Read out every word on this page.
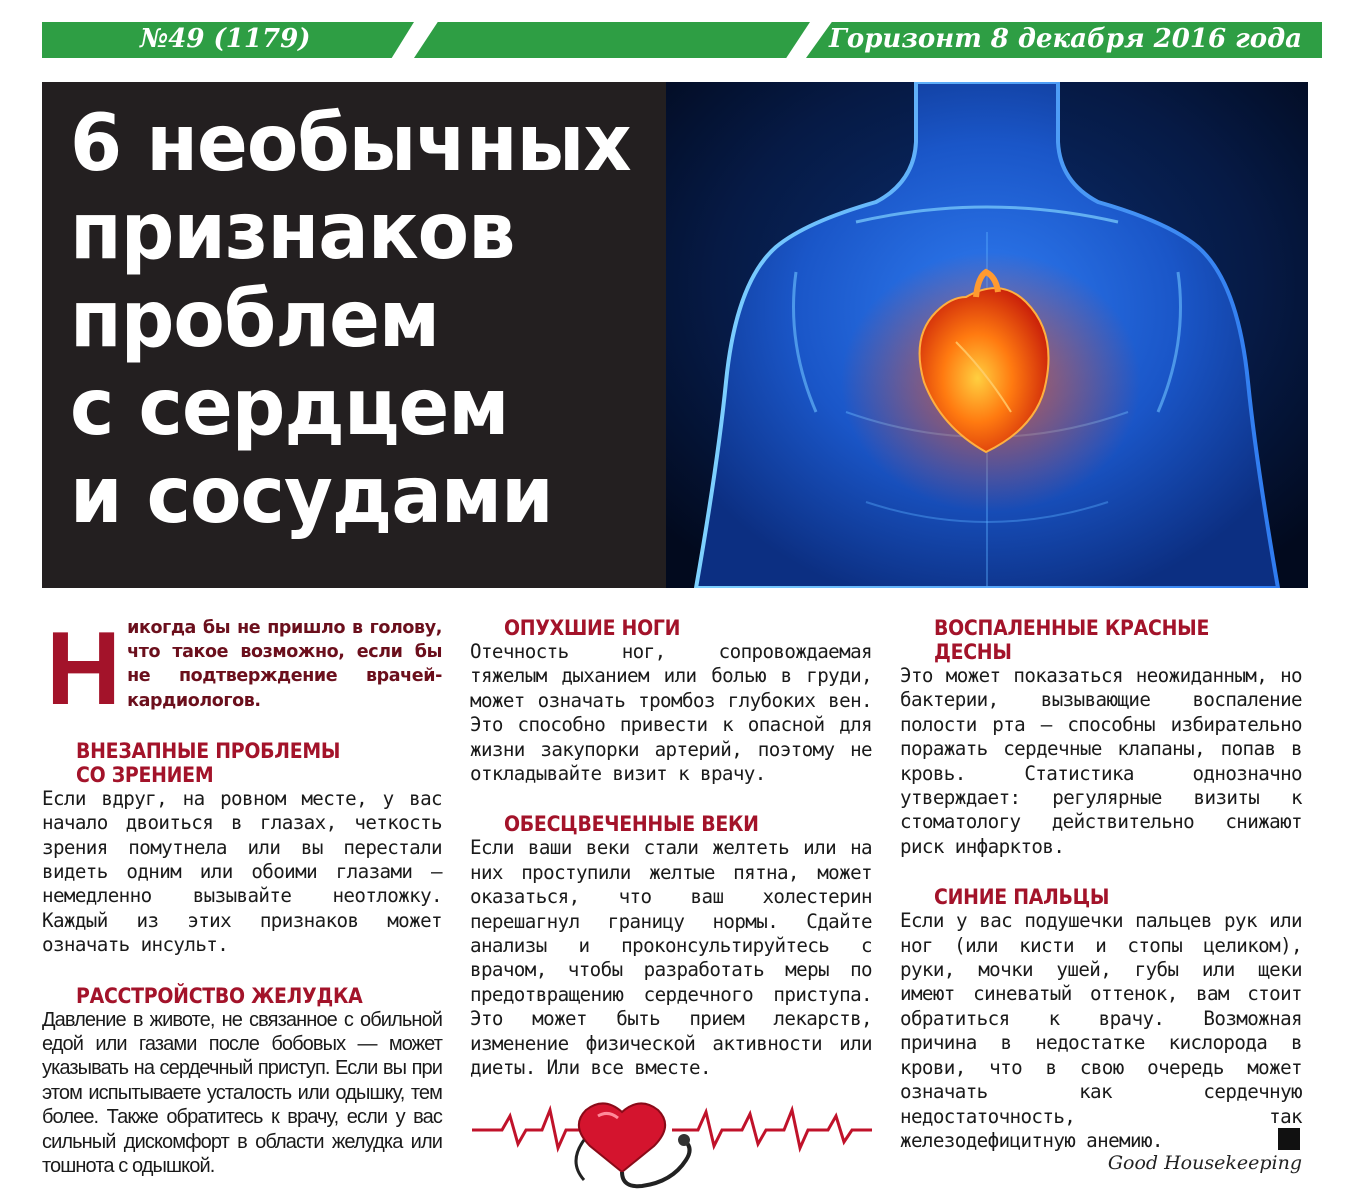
№49 (1179)	Горизонт 8 декабря 2016 года
6 необычных
признаков
проблем
с сердцем
и сосудами
Н икогда бы не пришло в голову, что такое возможно, если бы не подтверждение врачей-кардиологов.

ВНЕЗАПНЫЕ ПРОБЛЕМЫ
СО ЗРЕНИЕМ

Если вдруг, на ровном месте, у вас начало двоиться в глазах, четкость зрения помутнела или вы перестали видеть одним или обоими глазами — немедленно вызывайте неотложку. Каждый из этих признаков может означать инсульт.

РАССТРОЙСТВО ЖЕЛУДКА

Давление в животе, не связанное с обильной едой или газами после бобовых — может указывать на сердечный приступ. Если вы при этом испытываете усталость или одышку, тем более. Также обратитесь к врачу, если у вас сильный дискомфорт в области желудка или тошнота с одышкой.

ОПУХШИЕ НОГИ

Отечность ног, сопровождаемая тяжелым дыханием или болью в груди, может означать тромбоз глубоких вен. Это способно привести к опасной для жизни закупорки артерий, поэтому не откладывайте визит к врачу.

ОБЕСЦВЕЧЕННЫЕ ВЕКИ

Если ваши веки стали желтеть или на них проступили желтые пятна, может оказаться, что ваш холестерин перешагнул границу нормы. Сдайте анализы и проконсультируйтесь с врачом, чтобы разработать меры по предотвращению сердечного приступа. Это может быть прием лекарств, изменение физической активности или диеты. Или все вместе.

ВОСПАЛЕННЫЕ КРАСНЫЕ
ДЕСНЫ

Это может показаться неожиданным, но бактерии, вызывающие воспаление полости рта — способны избирательно поражать сердечные клапаны, попав в кровь. Статистика однозначно утверждает: регулярные визиты к стоматологу действительно снижают риск инфарктов.

СИНИЕ ПАЛЬЦЫ

Если у вас подушечки пальцев рук или ног (или кисти и стопы целиком), руки, мочки ушей, губы или щеки имеют синеватый оттенок, вам стоит обратиться к врачу. Возможная причина в недостатке кислорода в крови, что в свою очередь может означать как сердечную недостаточность, так железодефицитную анемию.

Good Housekeeping
